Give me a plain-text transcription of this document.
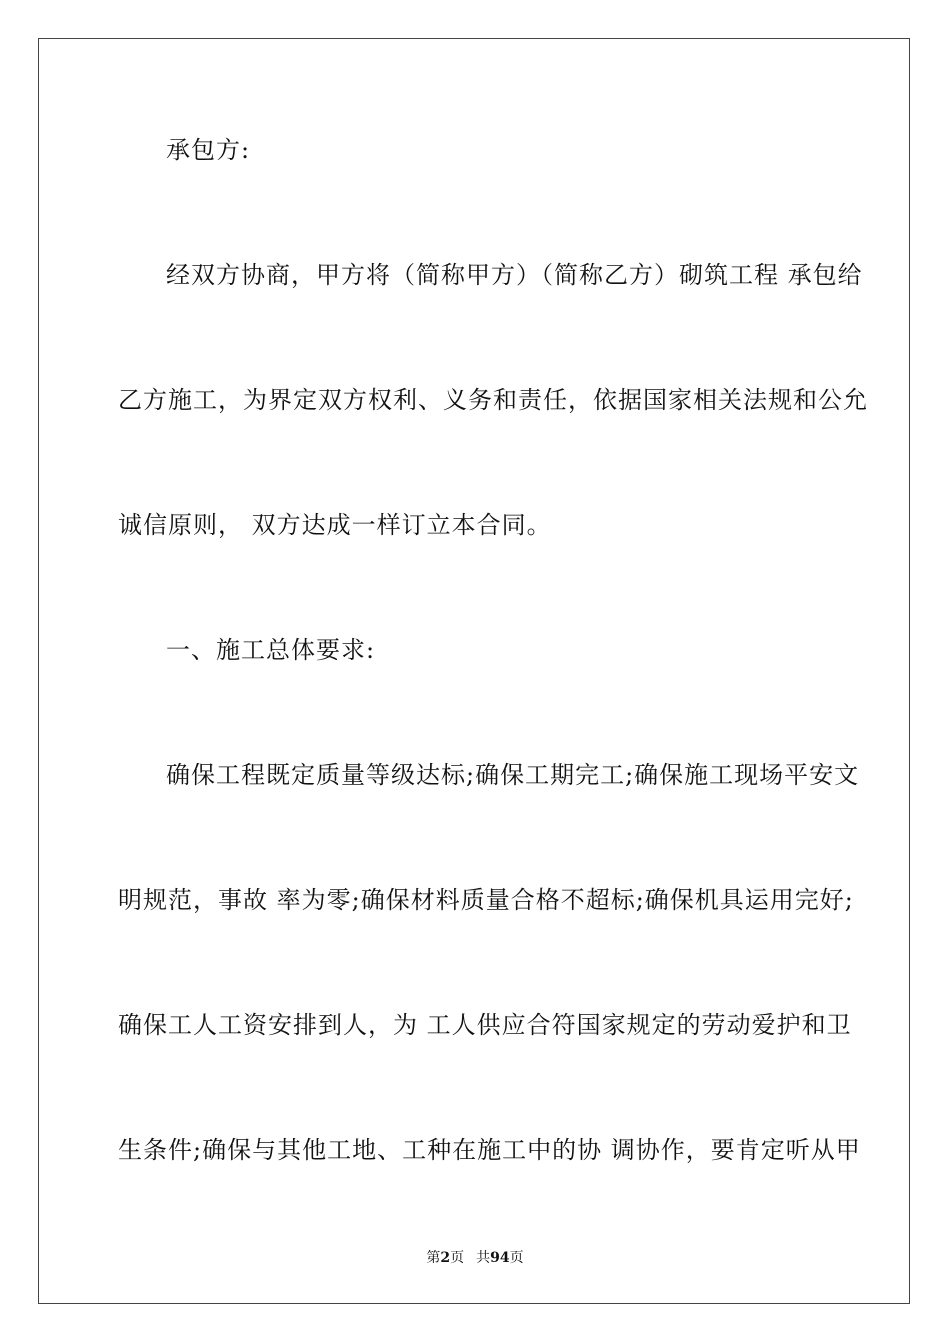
承包方:
经双方协商，甲方将（简称甲方）（简称乙方）砌筑工程 承包给
乙方施工，为界定双方权利、义务和责任，依据国家相关法规和公允
诚信原则， 双方达成一样订立本合同。
一、施工总体要求:
确保工程既定质量等级达标;确保工期完工;确保施工现场平安文
明规范，事故 率为零;确保材料质量合格不超标;确保机具运用完好;
确保工人工资安排到人，为 工人供应合符国家规定的劳动爱护和卫
生条件;确保与其他工地、工种在施工中的协 调协作，要肯定听从甲
第2页 共94页
